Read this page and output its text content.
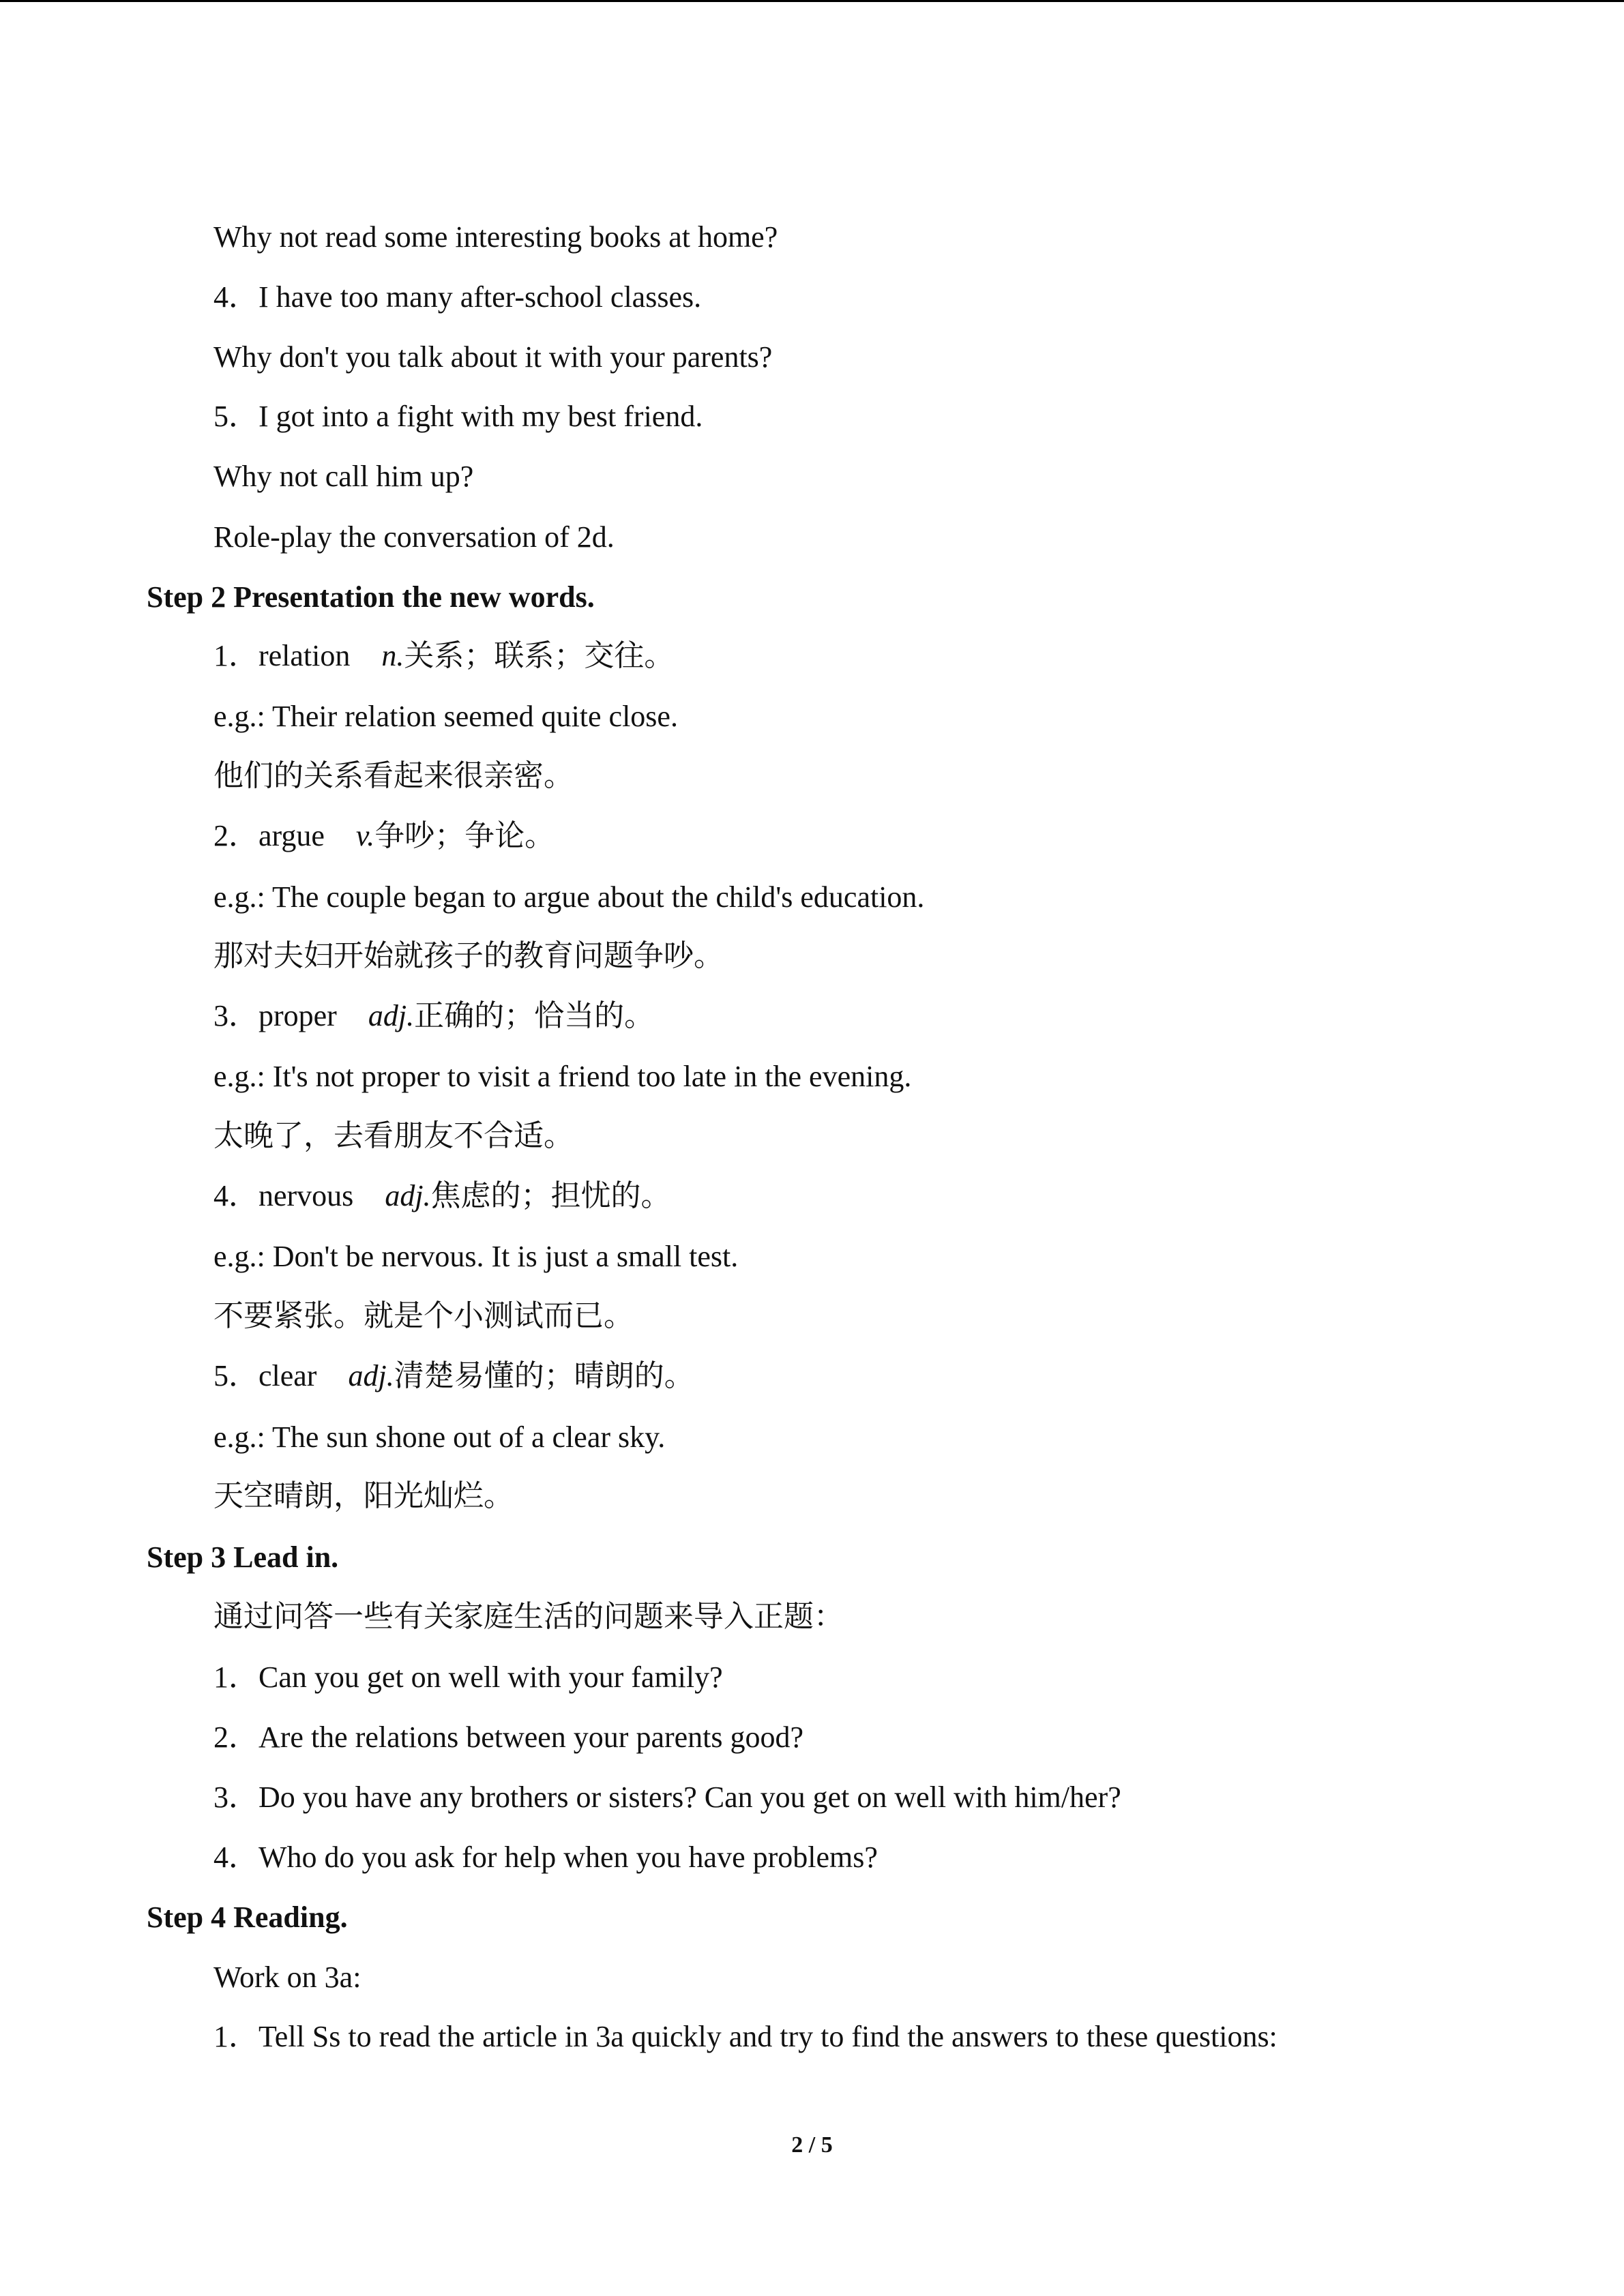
Why not read some interesting books at home?
4．I have too many after-school classes.
Why don't you talk about it with your parents?
5．I got into a fight with my best friend.
Why not call him up?
Role-play the conversation of 2d.
Step 2 Presentation the new words.
1．relation n.关系；联系；交往。
e.g.: Their relation seemed quite close.
他们的关系看起来很亲密。
2．argue v.争吵；争论。
e.g.: The couple began to argue about the child's education.
那对夫妇开始就孩子的教育问题争吵。
3．proper adj.正确的；恰当的。
e.g.: It's not proper to visit a friend too late in the evening.
太晚了，去看朋友不合适。
4．nervous adj.焦虑的；担忧的。
e.g.: Don't be nervous. It is just a small test.
不要紧张。就是个小测试而已。
5．clear adj.清楚易懂的；晴朗的。
e.g.: The sun shone out of a clear sky.
天空晴朗，阳光灿烂。
Step 3 Lead in.
通过问答一些有关家庭生活的问题来导入正题：
1．Can you get on well with your family?
2．Are the relations between your parents good?
3．Do you have any brothers or sisters? Can you get on well with him/her?
4．Who do you ask for help when you have problems?
Step 4 Reading.
Work on 3a:
1．Tell Ss to read the article in 3a quickly and try to find the answers to these questions:
2 / 5
